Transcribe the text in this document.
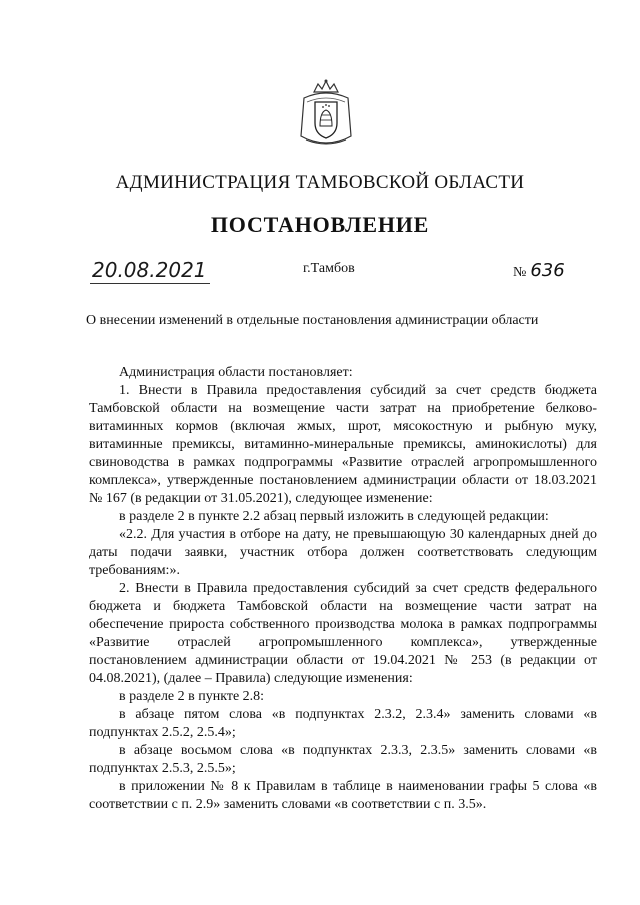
АДМИНИСТРАЦИЯ ТАМБОВСКОЙ ОБЛАСТИ
ПОСТАНОВЛЕНИЕ
20.08.2021	г.Тамбов	№ 636
О внесении изменений в отдельные постановления администрации области

Администрация области постановляет:

1. Внести в Правила предоставления субсидий за счет средств бюджета Тамбовской области на возмещение части затрат на приобретение белково-витаминных кормов (включая жмых, шрот, мясокостную и рыбную муку, витаминные премиксы, витаминно-минеральные премиксы, аминокислоты) для свиноводства в рамках подпрограммы «Развитие отраслей агропромышленного комплекса», утвержденные постановлением администрации области от 18.03.2021 № 167 (в редакции от 31.05.2021), следующее изменение:

в разделе 2 в пункте 2.2 абзац первый изложить в следующей редакции:

«2.2. Для участия в отборе на дату, не превышающую 30 календарных дней до даты подачи заявки, участник отбора должен соответствовать следующим требованиям:».

2. Внести в Правила предоставления субсидий за счет средств федерального бюджета и бюджета Тамбовской области на возмещение части затрат на обеспечение прироста собственного производства молока в рамках подпрограммы «Развитие отраслей агропромышленного комплекса», утвержденные постановлением администрации области от 19.04.2021 № 253 (в редакции от 04.08.2021), (далее – Правила) следующие изменения:

в разделе 2 в пункте 2.8:

в абзаце пятом слова «в подпунктах 2.3.2, 2.3.4» заменить словами «в подпунктах 2.5.2, 2.5.4»;

в абзаце восьмом слова «в подпунктах 2.3.3, 2.3.5» заменить словами «в подпунктах 2.5.3, 2.5.5»;

в приложении № 8 к Правилам в таблице в наименовании графы 5 слова «в соответствии с п. 2.9» заменить словами «в соответствии с п. 3.5».
